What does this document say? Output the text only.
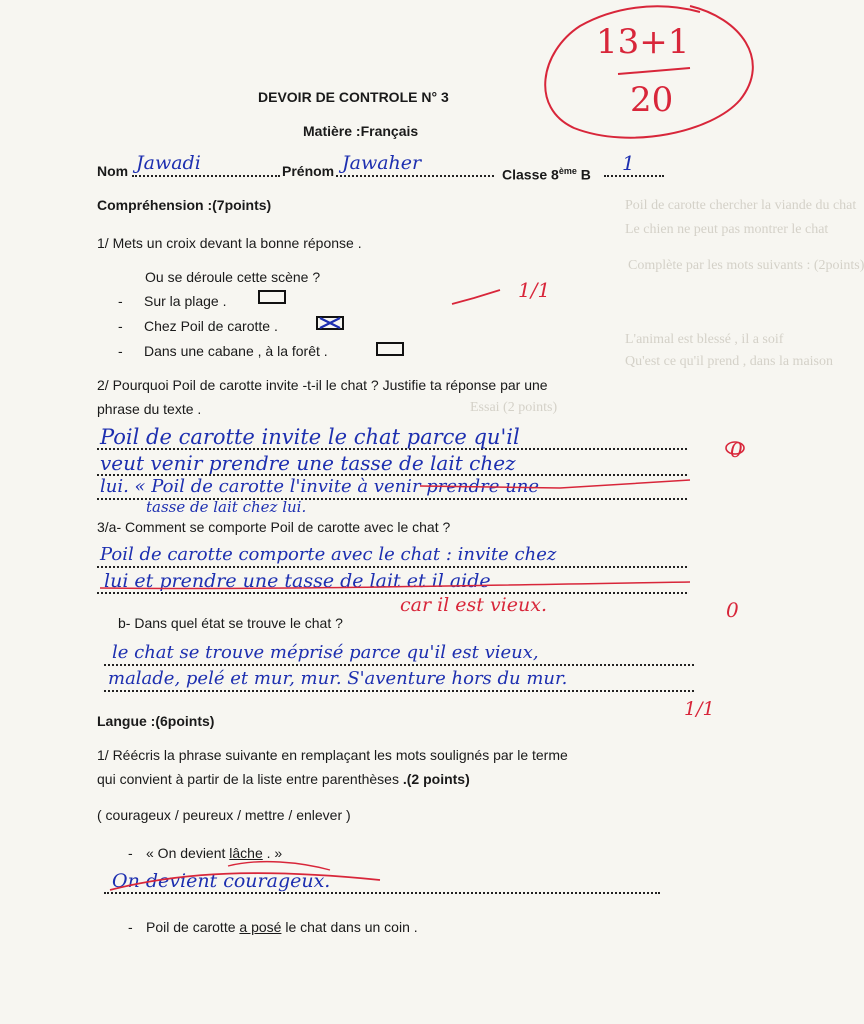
Poil de carotte chercher la viande du chat
Le chien ne peut pas montrer le chat
Complète par les mots suivants : (2points)
L'animal est blessé , il a soif
Qu'est ce qu'il prend , dans la maison
Essai (2 points)
DEVOIR DE CONTROLE N° 3
Matière :Français
Nom Jawadi	Prénom Jawaher
Classe 8ème B 1
Compréhension :(7points)
1/ Mets un croix devant la bonne réponse .
Ou se déroule cette scène ?
- Sur la plage .
- Chez Poil de carotte .
- Dans une cabane , à la forêt .
1/1
2/ Pourquoi Poil de carotte invite -t-il le chat ? Justifie ta réponse par une
phrase du texte .
Poil de carotte invite le chat parce qu'il
veut venir prendre une tasse de lait chez
lui. « Poil de carotte l'invite à venir prendre une
tasse de lait chez lui.
0
3/a- Comment se comporte Poil de carotte avec le chat ?
Poil de carotte comporte avec le chat : invite chez
lui et prendre une tasse de lait et il aide
car il est vieux.	0
b- Dans quel état se trouve le chat ?
le chat se trouve méprisé parce qu'il est vieux,
malade, pelé et mur, mur. S'aventure hors du mur.
1/1
Langue :(6points)
1/ Réécris la phrase suivante en remplaçant les mots soulignés par le terme
qui convient à partir de la liste entre parenthèses .(2 points)
( courageux / peureux / mettre / enlever )
- « On devient lâche . »
On devient courageux.
- Poil de carotte a posé le chat dans un coin .
13+1
20
